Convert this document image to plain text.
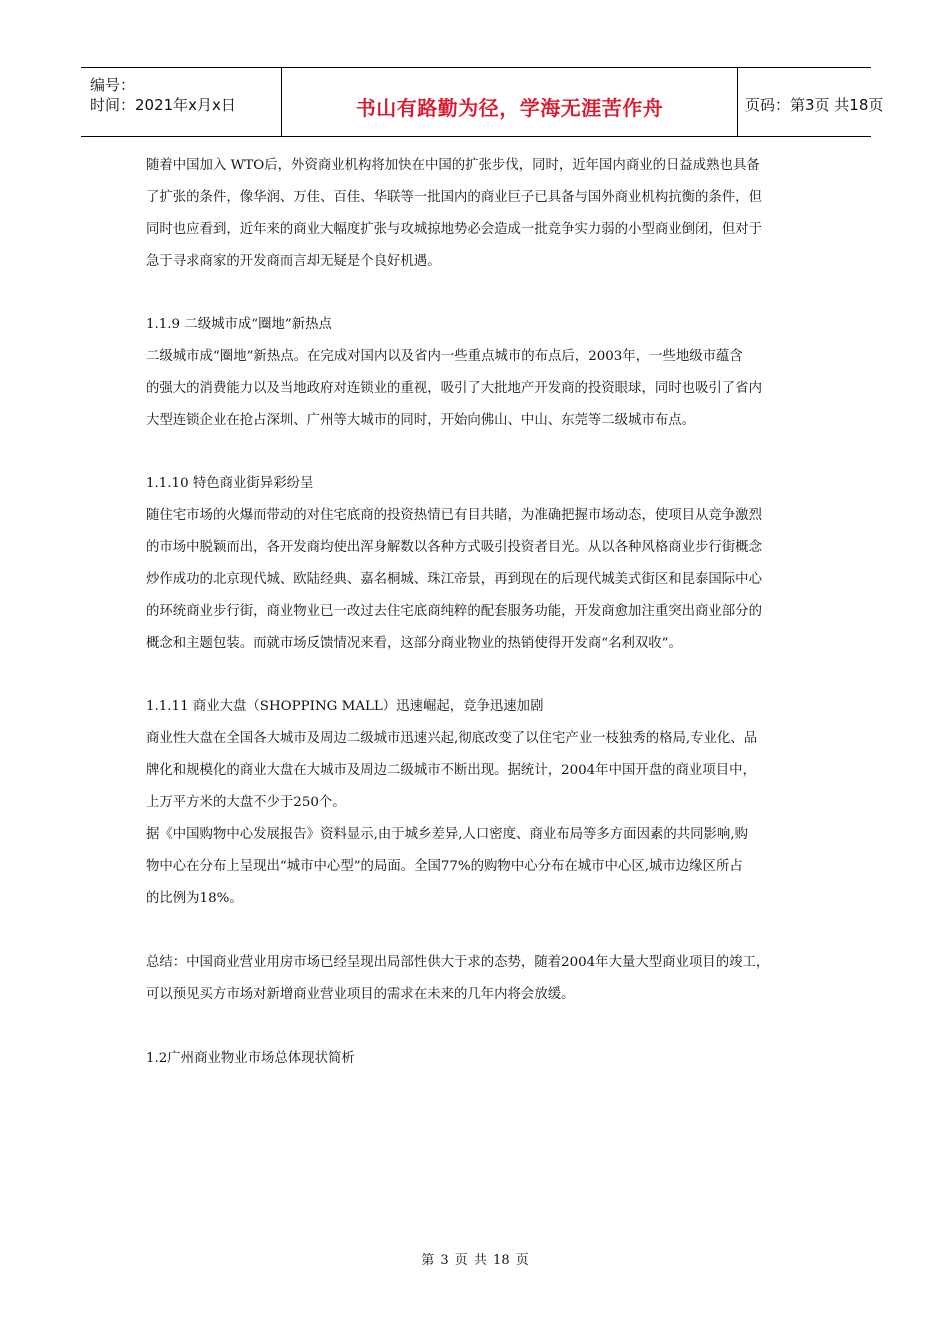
编号：
时间：2021年x月x日	书山有路勤为径，学海无涯苦作舟	页码：第3页 共18页

随着中国加入 WTO后，外资商业机构将加快在中国的扩张步伐，同时，近年国内商业的日益成熟也具备

了扩张的条件，像华润、万佳、百佳、华联等一批国内的商业巨子已具备与国外商业机构抗衡的条件，但

同时也应看到，近年来的商业大幅度扩张与攻城掠地势必会造成一批竞争实力弱的小型商业倒闭，但对于

急于寻求商家的开发商而言却无疑是个良好机遇。

1.1.9 二级城市成“圈地”新热点

二级城市成“圈地”新热点。在完成对国内以及省内一些重点城市的布点后，2003年，一些地级市蕴含

的强大的消费能力以及当地政府对连锁业的重视，吸引了大批地产开发商的投资眼球，同时也吸引了省内

大型连锁企业在抢占深圳、广州等大城市的同时，开始向佛山、中山、东莞等二级城市布点。

1.1.10 特色商业街异彩纷呈

随住宅市场的火爆而带动的对住宅底商的投资热情已有目共睹，为准确把握市场动态，使项目从竞争激烈

的市场中脱颖而出，各开发商均使出浑身解数以各种方式吸引投资者目光。从以各种风格商业步行街概念

炒作成功的北京现代城、欧陆经典、嘉名桐城、珠江帝景，再到现在的后现代城美式街区和昆泰国际中心

的环统商业步行街，商业物业已一改过去住宅底商纯粹的配套服务功能，开发商愈加注重突出商业部分的

概念和主题包装。而就市场反馈情况来看，这部分商业物业的热销使得开发商“名利双收”。

1.1.11 商业大盘（SHOPPING MALL）迅速崛起，竞争迅速加剧

商业性大盘在全国各大城市及周边二级城市迅速兴起,彻底改变了以住宅产业一枝独秀的格局,专业化、品

牌化和规模化的商业大盘在大城市及周边二级城市不断出现。据统计，2004年中国开盘的商业项目中，

上万平方米的大盘不少于250个。

据《中国购物中心发展报告》资料显示,由于城乡差异,人口密度、商业布局等多方面因素的共同影响,购

物中心在分布上呈现出“城市中心型”的局面。全国77%的购物中心分布在城市中心区,城市边缘区所占

的比例为18%。

总结：中国商业营业用房市场已经呈现出局部性供大于求的态势，随着2004年大量大型商业项目的竣工，

可以预见买方市场对新增商业营业项目的需求在未来的几年内将会放缓。

1.2广州商业物业市场总体现状简析

第 3 页 共 18 页
